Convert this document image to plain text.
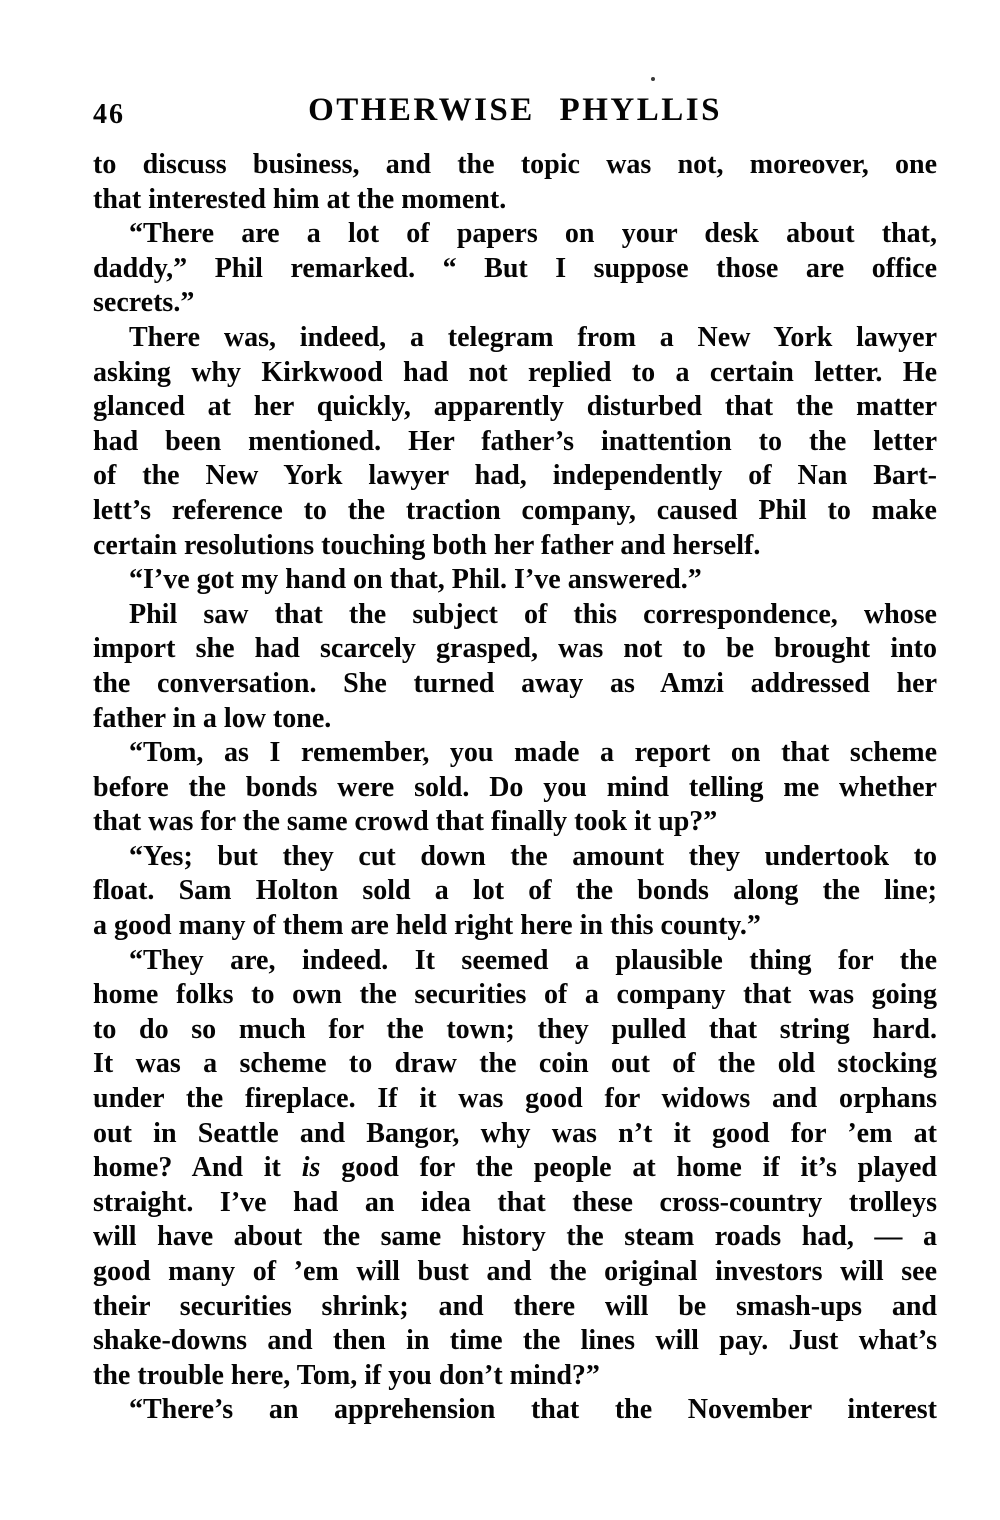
46	OTHERWISE PHYLLIS
to discuss business, and the topic was not, moreover, one
that interested him at the moment.
“There are a lot of papers on your desk about that,
daddy,” Phil remarked. “ But I suppose those are office
secrets.”
There was, indeed, a telegram from a New York lawyer
asking why Kirkwood had not replied to a certain letter. He
glanced at her quickly, apparently disturbed that the matter
had been mentioned. Her father’s inattention to the letter
of the New York lawyer had, independently of Nan Bart-
lett’s reference to the traction company, caused Phil to make
certain resolutions touching both her father and herself.
“I’ve got my hand on that, Phil. I’ve answered.”
Phil saw that the subject of this correspondence, whose
import she had scarcely grasped, was not to be brought into
the conversation. She turned away as Amzi addressed her
father in a low tone.
“Tom, as I remember, you made a report on that scheme
before the bonds were sold. Do you mind telling me whether
that was for the same crowd that finally took it up?”
“Yes; but they cut down the amount they undertook to
float. Sam Holton sold a lot of the bonds along the line;
a good many of them are held right here in this county.”
“They are, indeed. It seemed a plausible thing for the
home folks to own the securities of a company that was going
to do so much for the town; they pulled that string hard.
It was a scheme to draw the coin out of the old stocking
under the fireplace. If it was good for widows and orphans
out in Seattle and Bangor, why was n’t it good for ’em at
home? And it is good for the people at home if it’s played
straight. I’ve had an idea that these cross-country trolleys
will have about the same history the steam roads had, — a
good many of ’em will bust and the original investors will see
their securities shrink; and there will be smash-ups and
shake-downs and then in time the lines will pay. Just what’s
the trouble here, Tom, if you don’t mind?”
“There’s an apprehension that the November interest
